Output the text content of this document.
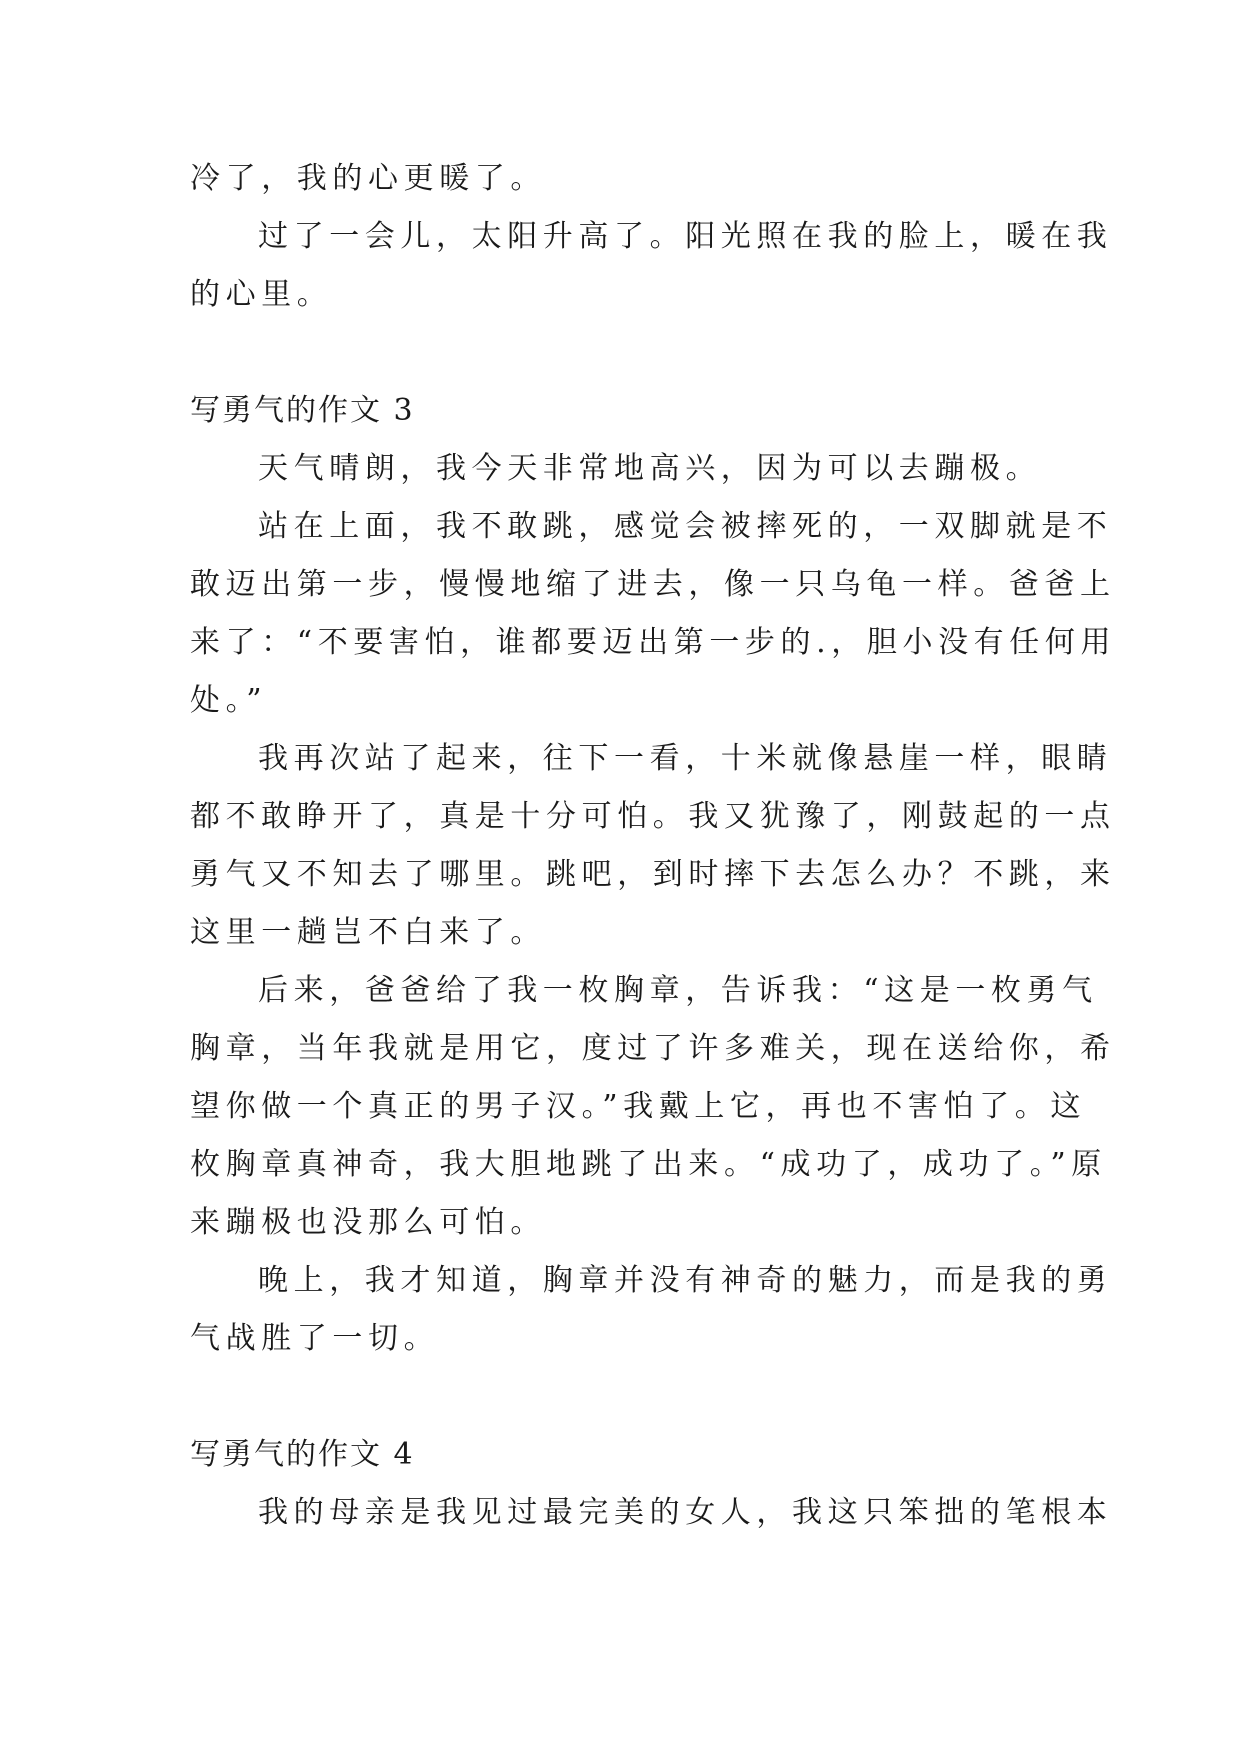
冷了，我的心更暖了。
过了一会儿，太阳升高了。阳光照在我的脸上，暖在我
的心里。
写勇气的作文 3
天气晴朗，我今天非常地高兴，因为可以去蹦极。
站在上面，我不敢跳，感觉会被摔死的，一双脚就是不
敢迈出第一步，慢慢地缩了进去，像一只乌龟一样。爸爸上
来了：“不要害怕，谁都要迈出第一步的.，胆小没有任何用
处。”
我再次站了起来，往下一看，十米就像悬崖一样，眼睛
都不敢睁开了，真是十分可怕。我又犹豫了，刚鼓起的一点
勇气又不知去了哪里。跳吧，到时摔下去怎么办？不跳，来
这里一趟岂不白来了。
后来，爸爸给了我一枚胸章，告诉我：“这是一枚勇气
胸章，当年我就是用它，度过了许多难关，现在送给你，希
望你做一个真正的男子汉。”我戴上它，再也不害怕了。这
枚胸章真神奇，我大胆地跳了出来。“成功了，成功了。”原
来蹦极也没那么可怕。
晚上，我才知道，胸章并没有神奇的魅力，而是我的勇
气战胜了一切。
写勇气的作文 4
我的母亲是我见过最完美的女人，我这只笨拙的笔根本
